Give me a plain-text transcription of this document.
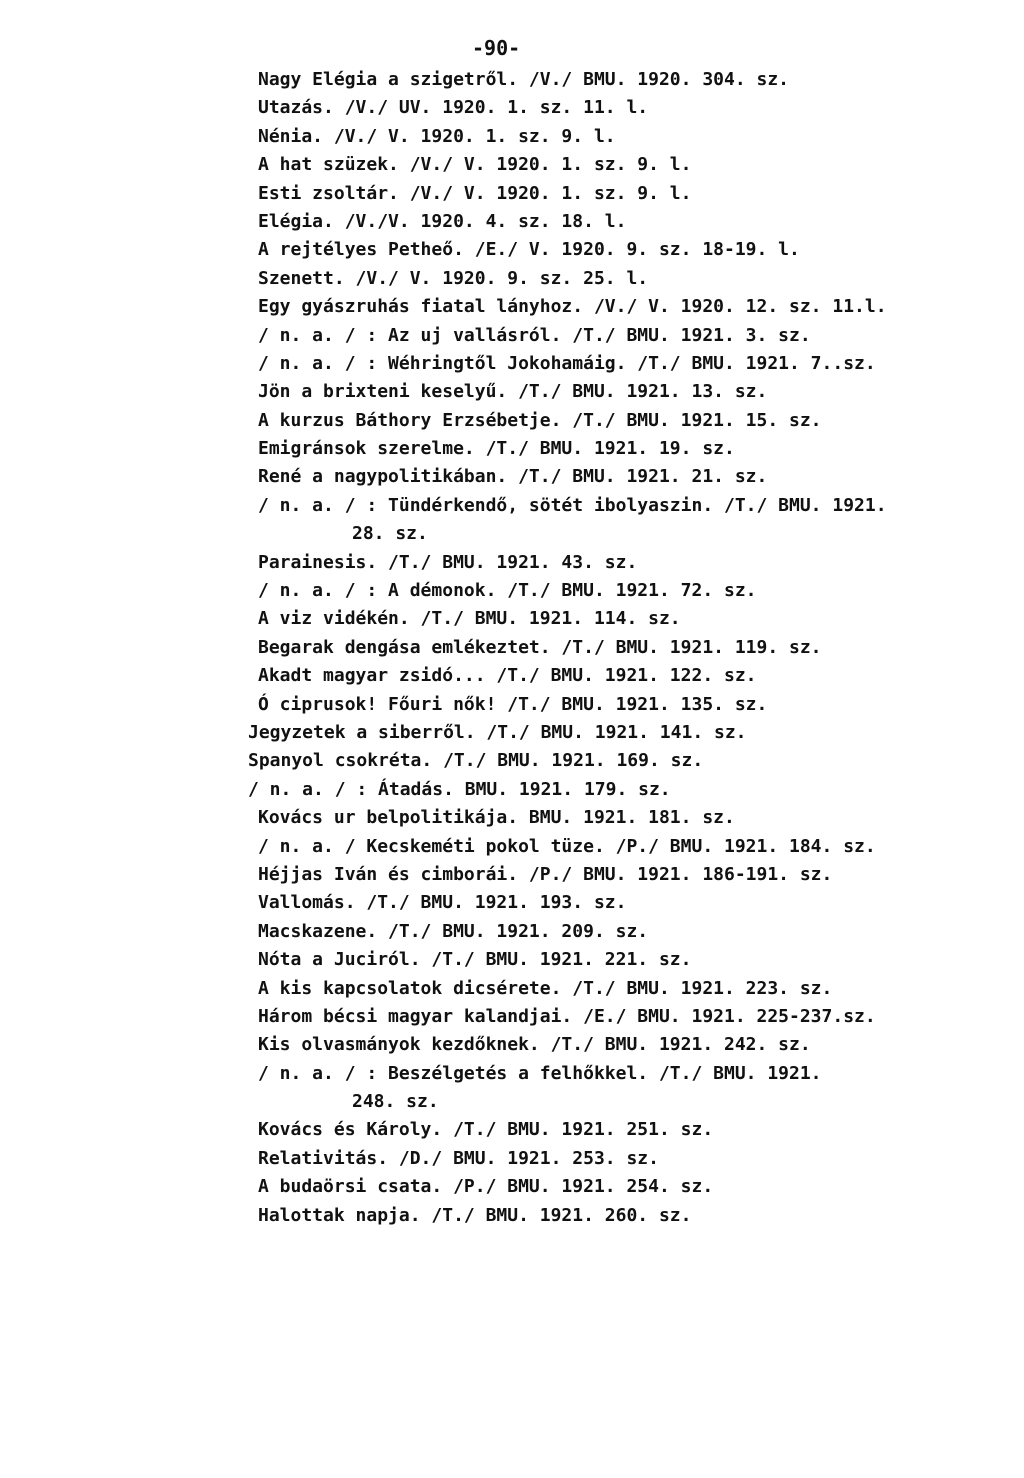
-90-
Nagy Elégia a szigetről. /V./ BMU. 1920. 304. sz.
Utazás. /V./ UV. 1920. 1. sz. 11. l.
Nénia. /V./ V. 1920. 1. sz. 9. l.
A hat szüzek. /V./ V. 1920. 1. sz. 9. l.
Esti zsoltár. /V./ V. 1920. 1. sz. 9. l.
Elégia. /V./V. 1920. 4. sz. 18. l.
A rejtélyes Petheő. /E./ V. 1920. 9. sz. 18-19. l.
Szenett. /V./ V. 1920. 9. sz. 25. l.
Egy gyászruhás fiatal lányhoz. /V./ V. 1920. 12. sz. 11.l.
/ n. a. / : Az uj vallásról. /T./ BMU. 1921. 3. sz.
/ n. a. / : Wéhringtől Jokohamáig. /T./ BMU. 1921. 7..sz.
Jön a brixteni keselyű. /T./ BMU. 1921. 13. sz.
A kurzus Báthory Erzsébetje. /T./ BMU. 1921. 15. sz.
Emigránsok szerelme. /T./ BMU. 1921. 19. sz.
René a nagypolitikában. /T./ BMU. 1921. 21. sz.
/ n. a. / : Tündérkendő, sötét ibolyaszin. /T./ BMU. 1921.
28. sz.
Parainesis. /T./ BMU. 1921. 43. sz.
/ n. a. / : A démonok. /T./ BMU. 1921. 72. sz.
A viz vidékén. /T./ BMU. 1921. 114. sz.
Begarak dengása emlékeztet. /T./ BMU. 1921. 119. sz.
Akadt magyar zsidó... /T./ BMU. 1921. 122. sz.
Ó ciprusok! Főuri nők! /T./ BMU. 1921. 135. sz.
Jegyzetek a siberről. /T./ BMU. 1921. 141. sz.
Spanyol csokréta. /T./ BMU. 1921. 169. sz.
/ n. a. / : Átadás. BMU. 1921. 179. sz.
Kovács ur belpolitikája. BMU. 1921. 181. sz.
/ n. a. / Kecskeméti pokol tüze. /P./ BMU. 1921. 184. sz.
Héjjas Iván és cimborái. /P./ BMU. 1921. 186-191. sz.
Vallomás. /T./ BMU. 1921. 193. sz.
Macskazene. /T./ BMU. 1921. 209. sz.
Nóta a Juciról. /T./ BMU. 1921. 221. sz.
A kis kapcsolatok dicsérete. /T./ BMU. 1921. 223. sz.
Három bécsi magyar kalandjai. /E./ BMU. 1921. 225-237.sz.
Kis olvasmányok kezdőknek. /T./ BMU. 1921. 242. sz.
/ n. a. / : Beszélgetés a felhőkkel. /T./ BMU. 1921.
248. sz.
Kovács és Károly. /T./ BMU. 1921. 251. sz.
Relativitás. /D./ BMU. 1921. 253. sz.
A budaörsi csata. /P./ BMU. 1921. 254. sz.
Halottak napja. /T./ BMU. 1921. 260. sz.
